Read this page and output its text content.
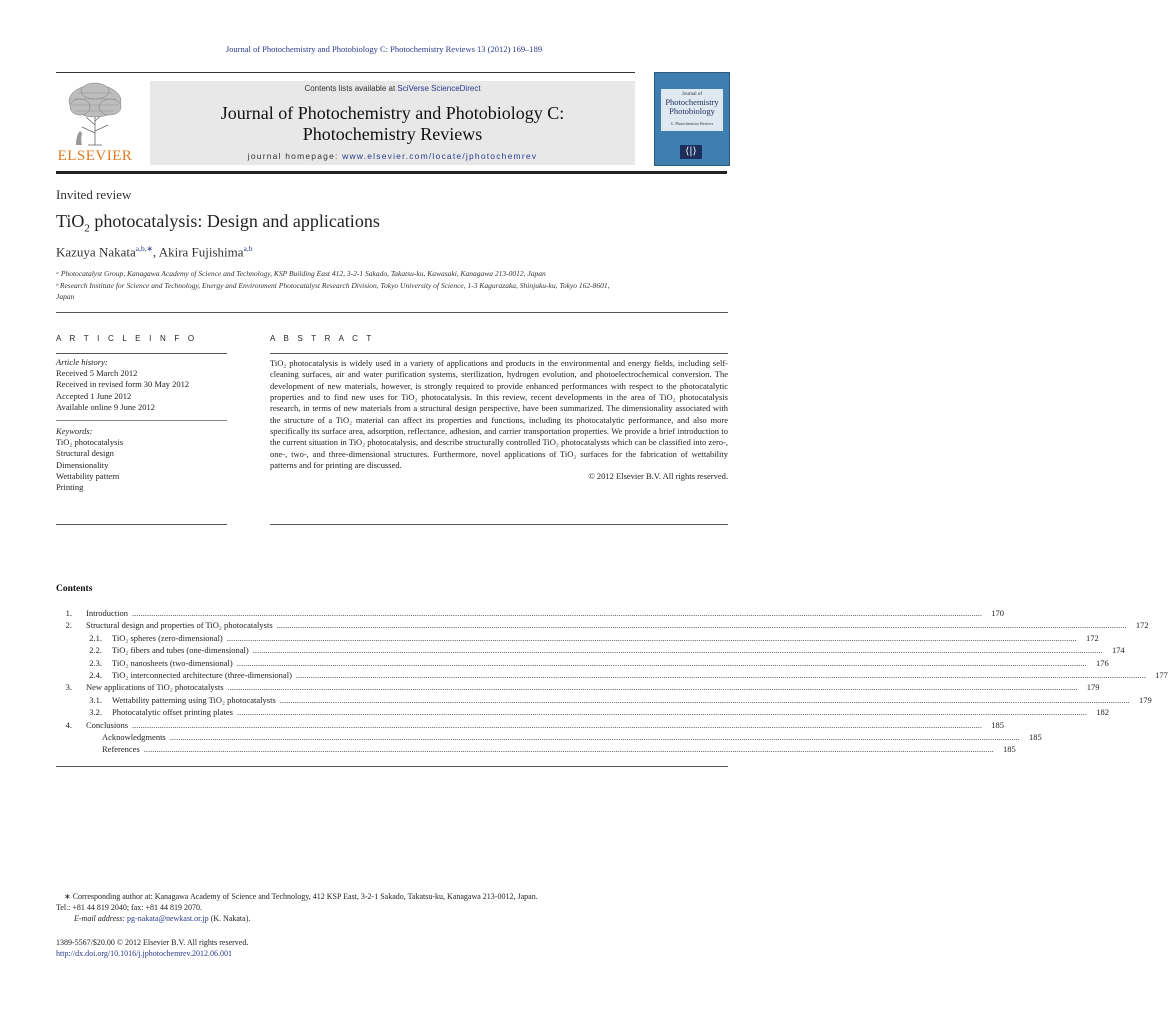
Journal of Photochemistry and Photobiology C: Photochemistry Reviews 13 (2012) 169–189
ELSEVIER
Contents lists available at SciVerse ScienceDirect
Journal of Photochemistry and Photobiology C:
Photochemistry Reviews
journal homepage: www.elsevier.com/locate/jphotochemrev
Journal of
Photochemistry
Photobiology
C: Photochemistry Reviews
⟨|⟩
Invited review
TiO$_2$ photocatalysis: Design and applications
Kazuya Nakata$^{a,b,∗}$, Akira Fujishima$^{a,b}$
ᵃ Photocatalyst Group, Kanagawa Academy of Science and Technology, KSP Building East 412, 3-2-1 Sakado, Takatsu-ku, Kawasaki, Kanagawa 213-0012, Japan
ᵇ Research Institute for Science and Technology, Energy and Environment Photocatalyst Research Division, Tokyo University of Science, 1-3 Kagurazaka, Shinjuku-ku, Tokyo 162-8601,
Japan
A R T I C L E I N F O
Article history:
Received 5 March 2012
Received in revised form 30 May 2012
Accepted 1 June 2012
Available online 9 June 2012
Keywords:
TiO₂ photocatalysis
Structural design
Dimensionality
Wettability pattern
Printing
A B S T R A C T

TiO₂ photocatalysis is widely used in a variety of applications and products in the environmental and energy fields, including self-cleaning surfaces, air and water purification systems, sterilization, hydrogen evolution, and photoelectrochemical conversion. The development of new materials, however, is strongly required to provide enhanced performances with respect to the photocatalytic properties and to find new uses for TiO₂ photocatalysis. In this review, recent developments in the area of TiO₂ photocatalysis research, in terms of new materials from a structural design perspective, have been summarized. The dimensionality associated with the structure of a TiO₂ material can affect its properties and functions, including its photocatalytic performance, and also more specifically its surface area, adsorption, reflectance, adhesion, and carrier transportation properties. We provide a brief introduction to the current situation in TiO₂ photocatalysis, and describe structurally controlled TiO₂ photocatalysts which can be classified into zero-, one-, two-, and three-dimensional structures. Furthermore, novel applications of TiO₂ surfaces for the fabrication of wettability patterns and for printing are discussed.

© 2012 Elsevier B.V. All rights reserved.

Contents
1.	Introduction ................................................................................................................................................................................................................................................................................................................................................................................................................	170
2.	Structural design and properties of TiO₂ photocatalysts ................................................................................................................................................................................................................................................................................................................................................................................................................	172
2.1.	TiO₂ spheres (zero-dimensional) ................................................................................................................................................................................................................................................................................................................................................................................................................	172
2.2.	TiO₂ fibers and tubes (one-dimensional) ................................................................................................................................................................................................................................................................................................................................................................................................................	174
2.3.	TiO₂ nanosheets (two-dimensional) ................................................................................................................................................................................................................................................................................................................................................................................................................	176
2.4.	TiO₂ interconnected architecture (three-dimensional) ................................................................................................................................................................................................................................................................................................................................................................................................................	177
3.	New applications of TiO₂ photocatalysts ................................................................................................................................................................................................................................................................................................................................................................................................................	179
3.1.	Wettability patterning using TiO₂ photocatalysts ................................................................................................................................................................................................................................................................................................................................................................................................................	179
3.2.	Photocatalytic offset printing plates ................................................................................................................................................................................................................................................................................................................................................................................................................	182
4.	Conclusions ................................................................................................................................................................................................................................................................................................................................................................................................................	185
Acknowledgments ................................................................................................................................................................................................................................................................................................................................................................................................................	185
References ................................................................................................................................................................................................................................................................................................................................................................................................................	185
∗ Corresponding author at: Kanagawa Academy of Science and Technology, 412 KSP East, 3-2-1 Sakado, Takatsu-ku, Kanagawa 213-0012, Japan.
Tel.: +81 44 819 2040; fax: +81 44 819 2070.
E-mail address: pg-nakata@newkast.or.jp (K. Nakata).
1389-5567/$20.00 © 2012 Elsevier B.V. All rights reserved.
http://dx.doi.org/10.1016/j.jphotochemrev.2012.06.001
